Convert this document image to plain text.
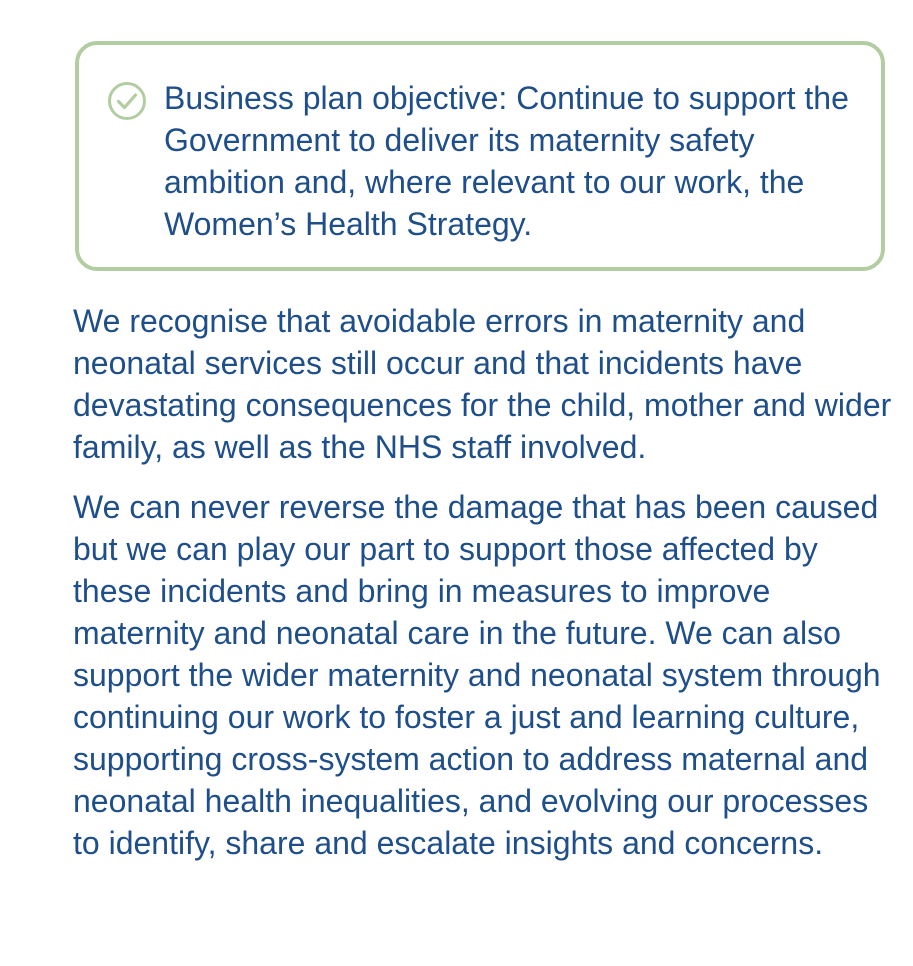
Business plan objective: Continue to support the Government to deliver its maternity safety ambition and, where relevant to our work, the Women’s Health Strategy.

We recognise that avoidable errors in maternity and neonatal services still occur and that incidents have devastating consequences for the child, mother and wider family, as well as the NHS staff involved.

We can never reverse the damage that has been caused but we can play our part to support those affected by these incidents and bring in measures to improve maternity and neonatal care in the future. We can also support the wider maternity and neonatal system through continuing our work to foster a just and learning culture, supporting cross-system action to address maternal and neonatal health inequalities, and evolving our processes to identify, share and escalate insights and concerns.
